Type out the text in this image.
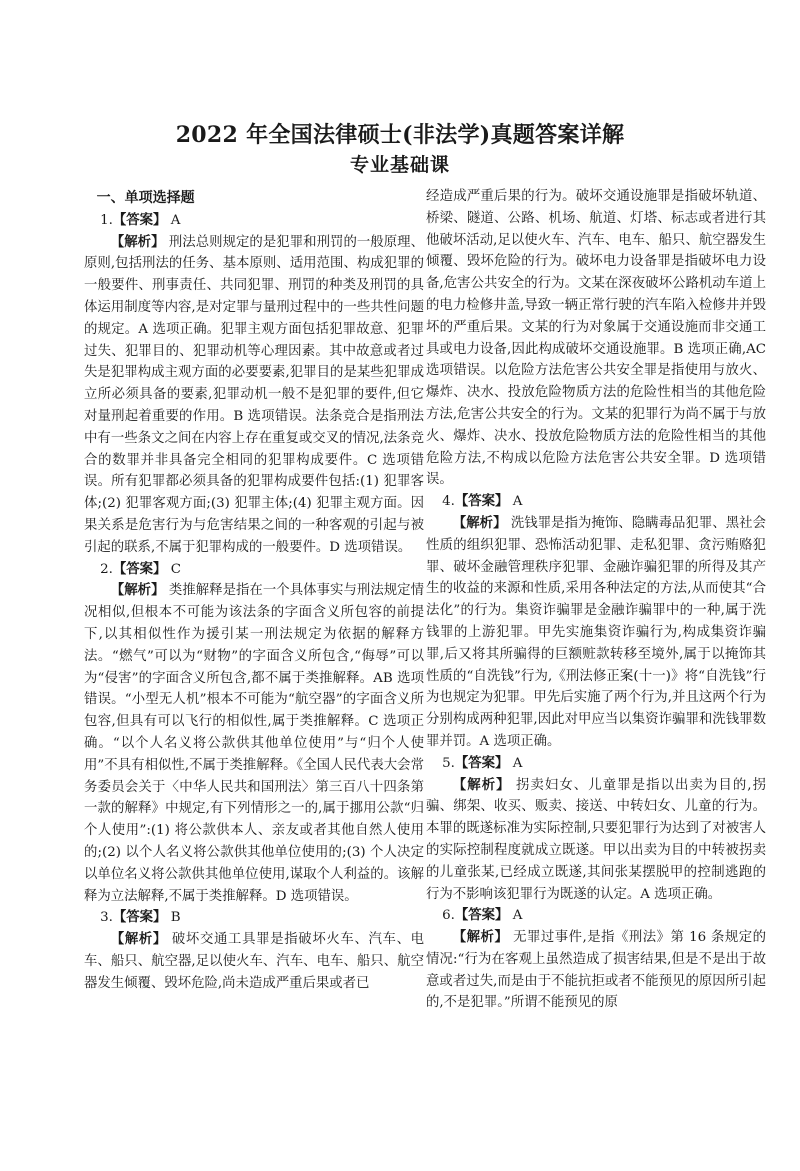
2022 年全国法律硕士(非法学)真题答案详解
专业基础课
一、单项选择题
1.【答案】 A

【解析】 刑法总则规定的是犯罪和刑罚的一般原理、原则,包括刑法的任务、基本原则、适用范围、构成犯罪的一般要件、刑事责任、共同犯罪、刑罚的种类及刑罚的具体运用制度等内容,是对定罪与量刑过程中的一些共性问题的规定。A 选项正确。犯罪主观方面包括犯罪故意、犯罪过失、犯罪目的、犯罪动机等心理因素。其中故意或者过失是犯罪构成主观方面的必要要素,犯罪目的是某些犯罪成立所必须具备的要素,犯罪动机一般不是犯罪的要件,但它对量刑起着重要的作用。B 选项错误。法条竞合是指刑法中有一些条文之间在内容上存在重复或交叉的情况,法条竞合的数罪并非具备完全相同的犯罪构成要件。C 选项错误。所有犯罪都必须具备的犯罪构成要件包括:(1) 犯罪客体;(2) 犯罪客观方面;(3) 犯罪主体;(4) 犯罪主观方面。因果关系是危害行为与危害结果之间的一种客观的引起与被引起的联系,不属于犯罪构成的一般要件。D 选项错误。

2.【答案】 C

【解析】 类推解释是指在一个具体事实与刑法规定情况相似,但根本不可能为该法条的字面含义所包容的前提下,以其相似性作为援引某一刑法规定为依据的解释方法。“燃气”可以为“财物”的字面含义所包含,“侮辱”可以为“侵害”的字面含义所包含,都不属于类推解释。AB 选项错误。“小型无人机”根本不可能为“航空器”的字面含义所包容,但具有可以飞行的相似性,属于类推解释。C 选项正确。“以个人名义将公款供其他单位使用”与“归个人使用”不具有相似性,不属于类推解释。《全国人民代表大会常务委员会关于〈中华人民共和国刑法〉第三百八十四条第一款的解释》中规定,有下列情形之一的,属于挪用公款“归个人使用”:(1) 将公款供本人、亲友或者其他自然人使用的;(2) 以个人名义将公款供其他单位使用的;(3) 个人决定以单位名义将公款供其他单位使用,谋取个人利益的。该解释为立法解释,不属于类推解释。D 选项错误。

3.【答案】 B

【解析】 破坏交通工具罪是指破坏火车、汽车、电车、船只、航空器,足以使火车、汽车、电车、船只、航空器发生倾覆、毁坏危险,尚未造成严重后果或者已

经造成严重后果的行为。破坏交通设施罪是指破坏轨道、桥梁、隧道、公路、机场、航道、灯塔、标志或者进行其他破坏活动,足以使火车、汽车、电车、船只、航空器发生倾覆、毁坏危险的行为。破坏电力设备罪是指破坏电力设备,危害公共安全的行为。文某在深夜破坏公路机动车道上的电力检修井盖,导致一辆正常行驶的汽车陷入检修井并毁坏的严重后果。文某的行为对象属于交通设施而非交通工具或电力设备,因此构成破坏交通设施罪。B 选项正确,AC 选项错误。以危险方法危害公共安全罪是指使用与放火、爆炸、决水、投放危险物质方法的危险性相当的其他危险方法,危害公共安全的行为。文某的犯罪行为尚不属于与放火、爆炸、决水、投放危险物质方法的危险性相当的其他危险方法,不构成以危险方法危害公共安全罪。D 选项错误。

4.【答案】 A

【解析】 洗钱罪是指为掩饰、隐瞒毒品犯罪、黑社会性质的组织犯罪、恐怖活动犯罪、走私犯罪、贪污贿赂犯罪、破坏金融管理秩序犯罪、金融诈骗犯罪的所得及其产生的收益的来源和性质,采用各种法定的方法,从而使其“合法化”的行为。集资诈骗罪是金融诈骗罪中的一种,属于洗钱罪的上游犯罪。甲先实施集资诈骗行为,构成集资诈骗罪,后又将其所骗得的巨额赃款转移至境外,属于以掩饰其性质的“自洗钱”行为,《刑法修正案(十一)》将“自洗钱”行为也规定为犯罪。甲先后实施了两个行为,并且这两个行为分别构成两种犯罪,因此对甲应当以集资诈骗罪和洗钱罪数罪并罚。A 选项正确。

5.【答案】 A

【解析】 拐卖妇女、儿童罪是指以出卖为目的,拐骗、绑架、收买、贩卖、接送、中转妇女、儿童的行为。本罪的既遂标准为实际控制,只要犯罪行为达到了对被害人的实际控制程度就成立既遂。甲以出卖为目的中转被拐卖的儿童张某,已经成立既遂,其间张某摆脱甲的控制逃跑的行为不影响该犯罪行为既遂的认定。A 选项正确。

6.【答案】 A

【解析】 无罪过事件,是指《刑法》第 16 条规定的情况:“行为在客观上虽然造成了损害结果,但是不是出于故意或者过失,而是由于不能抗拒或者不能预见的原因所引起的,不是犯罪。”所谓不能预见的原
